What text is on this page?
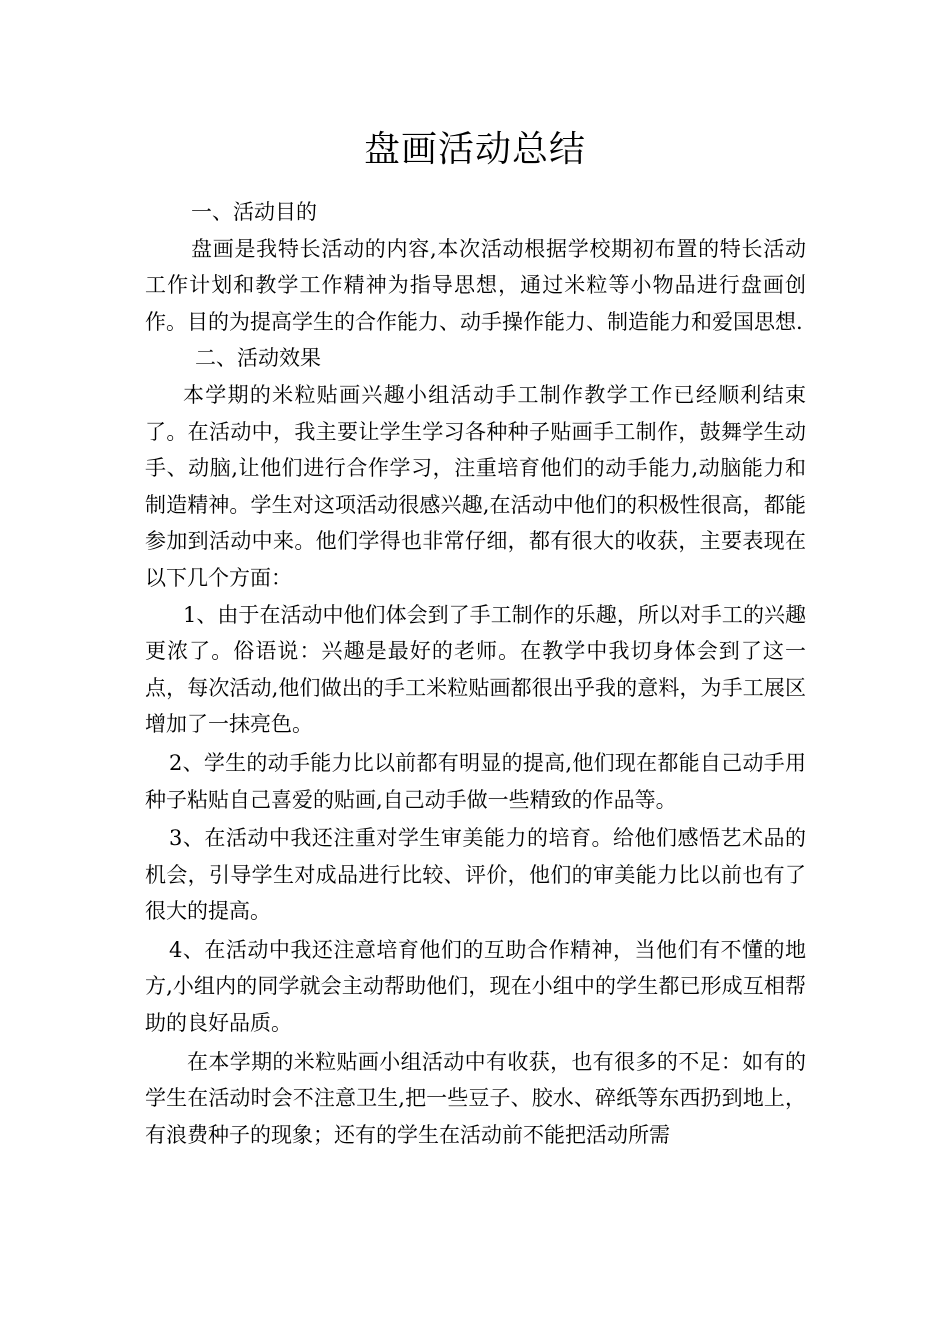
盘画活动总结

一、活动目的

盘画是我特长活动的内容,本次活动根据学校期初布置的特长活动工作计划和教学工作精神为指导思想，通过米粒等小物品进行盘画创作。目的为提高学生的合作能力、动手操作能力、制造能力和爱国思想.

二、活动效果

本学期的米粒贴画兴趣小组活动手工制作教学工作已经顺利结束了。在活动中，我主要让学生学习各种种子贴画手工制作，鼓舞学生动手、动脑,让他们进行合作学习，注重培育他们的动手能力,动脑能力和制造精神。学生对这项活动很感兴趣,在活动中他们的积极性很高，都能参加到活动中来。他们学得也非常仔细，都有很大的收获，主要表现在以下几个方面：

1、由于在活动中他们体会到了手工制作的乐趣，所以对手工的兴趣更浓了。俗语说：兴趣是最好的老师。在教学中我切身体会到了这一点，每次活动,他们做出的手工米粒贴画都很出乎我的意料，为手工展区增加了一抹亮色。

2、学生的动手能力比以前都有明显的提高,他们现在都能自己动手用种子粘贴自己喜爱的贴画,自己动手做一些精致的作品等。

3、在活动中我还注重对学生审美能力的培育。给他们感悟艺术品的机会，引导学生对成品进行比较、评价，他们的审美能力比以前也有了很大的提高。

4、在活动中我还注意培育他们的互助合作精神，当他们有不懂的地方,小组内的同学就会主动帮助他们，现在小组中的学生都已形成互相帮助的良好品质。

在本学期的米粒贴画小组活动中有收获，也有很多的不足：如有的学生在活动时会不注意卫生,把一些豆子、胶水、碎纸等东西扔到地上，有浪费种子的现象；还有的学生在活动前不能把活动所需
